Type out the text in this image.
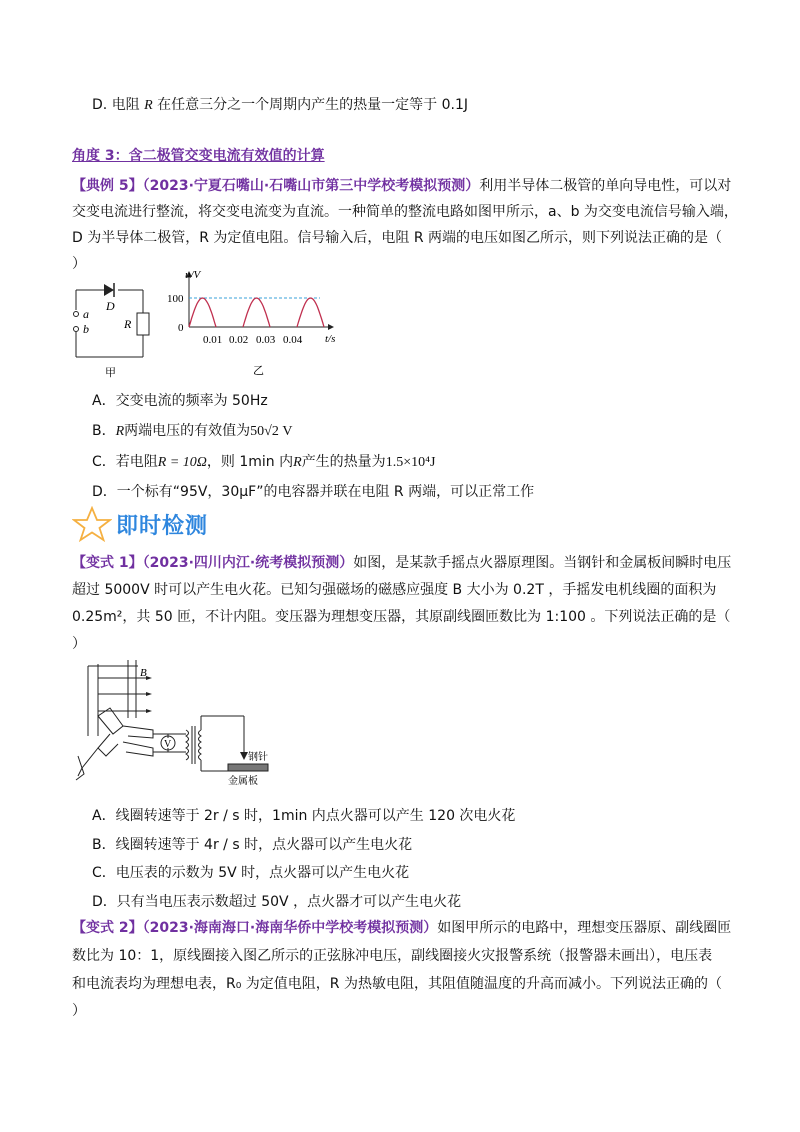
D. 电阻 R 在任意三分之一个周期内产生的热量一定等于 0.1J
角度 3：含二极管交变电流有效值的计算
【典例 5】（2023·宁夏石嘴山·石嘴山市第三中学校考模拟预测）利用半导体二极管的单向导电性，可以对
交变电流进行整流，将交变电流变为直流。一种简单的整流电路如图甲所示，a、b 为交变电流信号输入端，
D 为半导体二极管，R 为定值电阻。信号输入后，电阻 R 两端的电压如图乙所示，则下列说法正确的是（
）
D
a
b	R
甲
u/V
100
0
0.01 0.02 0.03 0.04 t/s
乙
A．交变电流的频率为 50Hz
B．R两端电压的有效值为50√2 V
C．若电阻R = 10Ω，则 1min 内R产生的热量为1.5×10⁴J
D．一个标有“95V，30μF”的电容器并联在电阻 R 两端，可以正常工作
即时检测
【变式 1】（2023·四川内江·统考模拟预测）如图，是某款手摇点火器原理图。当钢针和金属板间瞬时电压
超过 5000V 时可以产生电火花。已知匀强磁场的磁感应强度 B 大小为 0.2T ，手摇发电机线圈的面积为
0.25m²，共 50 匝，不计内阻。变压器为理想变压器，其原副线圈匝数比为 1:100 。下列说法正确的是（
）
B
V
钢针
金属板
A．线圈转速等于 2r / s 时，1min 内点火器可以产生 120 次电火花
B．线圈转速等于 4r / s 时，点火器可以产生电火花
C．电压表的示数为 5V 时，点火器可以产生电火花
D．只有当电压表示数超过 50V ，点火器才可以产生电火花
【变式 2】（2023·海南海口·海南华侨中学校考模拟预测）如图甲所示的电路中，理想变压器原、副线圈匝
数比为 10：1，原线圈接入图乙所示的正弦脉冲电压，副线圈接火灾报警系统（报警器未画出），电压表
和电流表均为理想电表，R₀ 为定值电阻，R 为热敏电阻，其阻值随温度的升高而减小。下列说法正确的（
）
